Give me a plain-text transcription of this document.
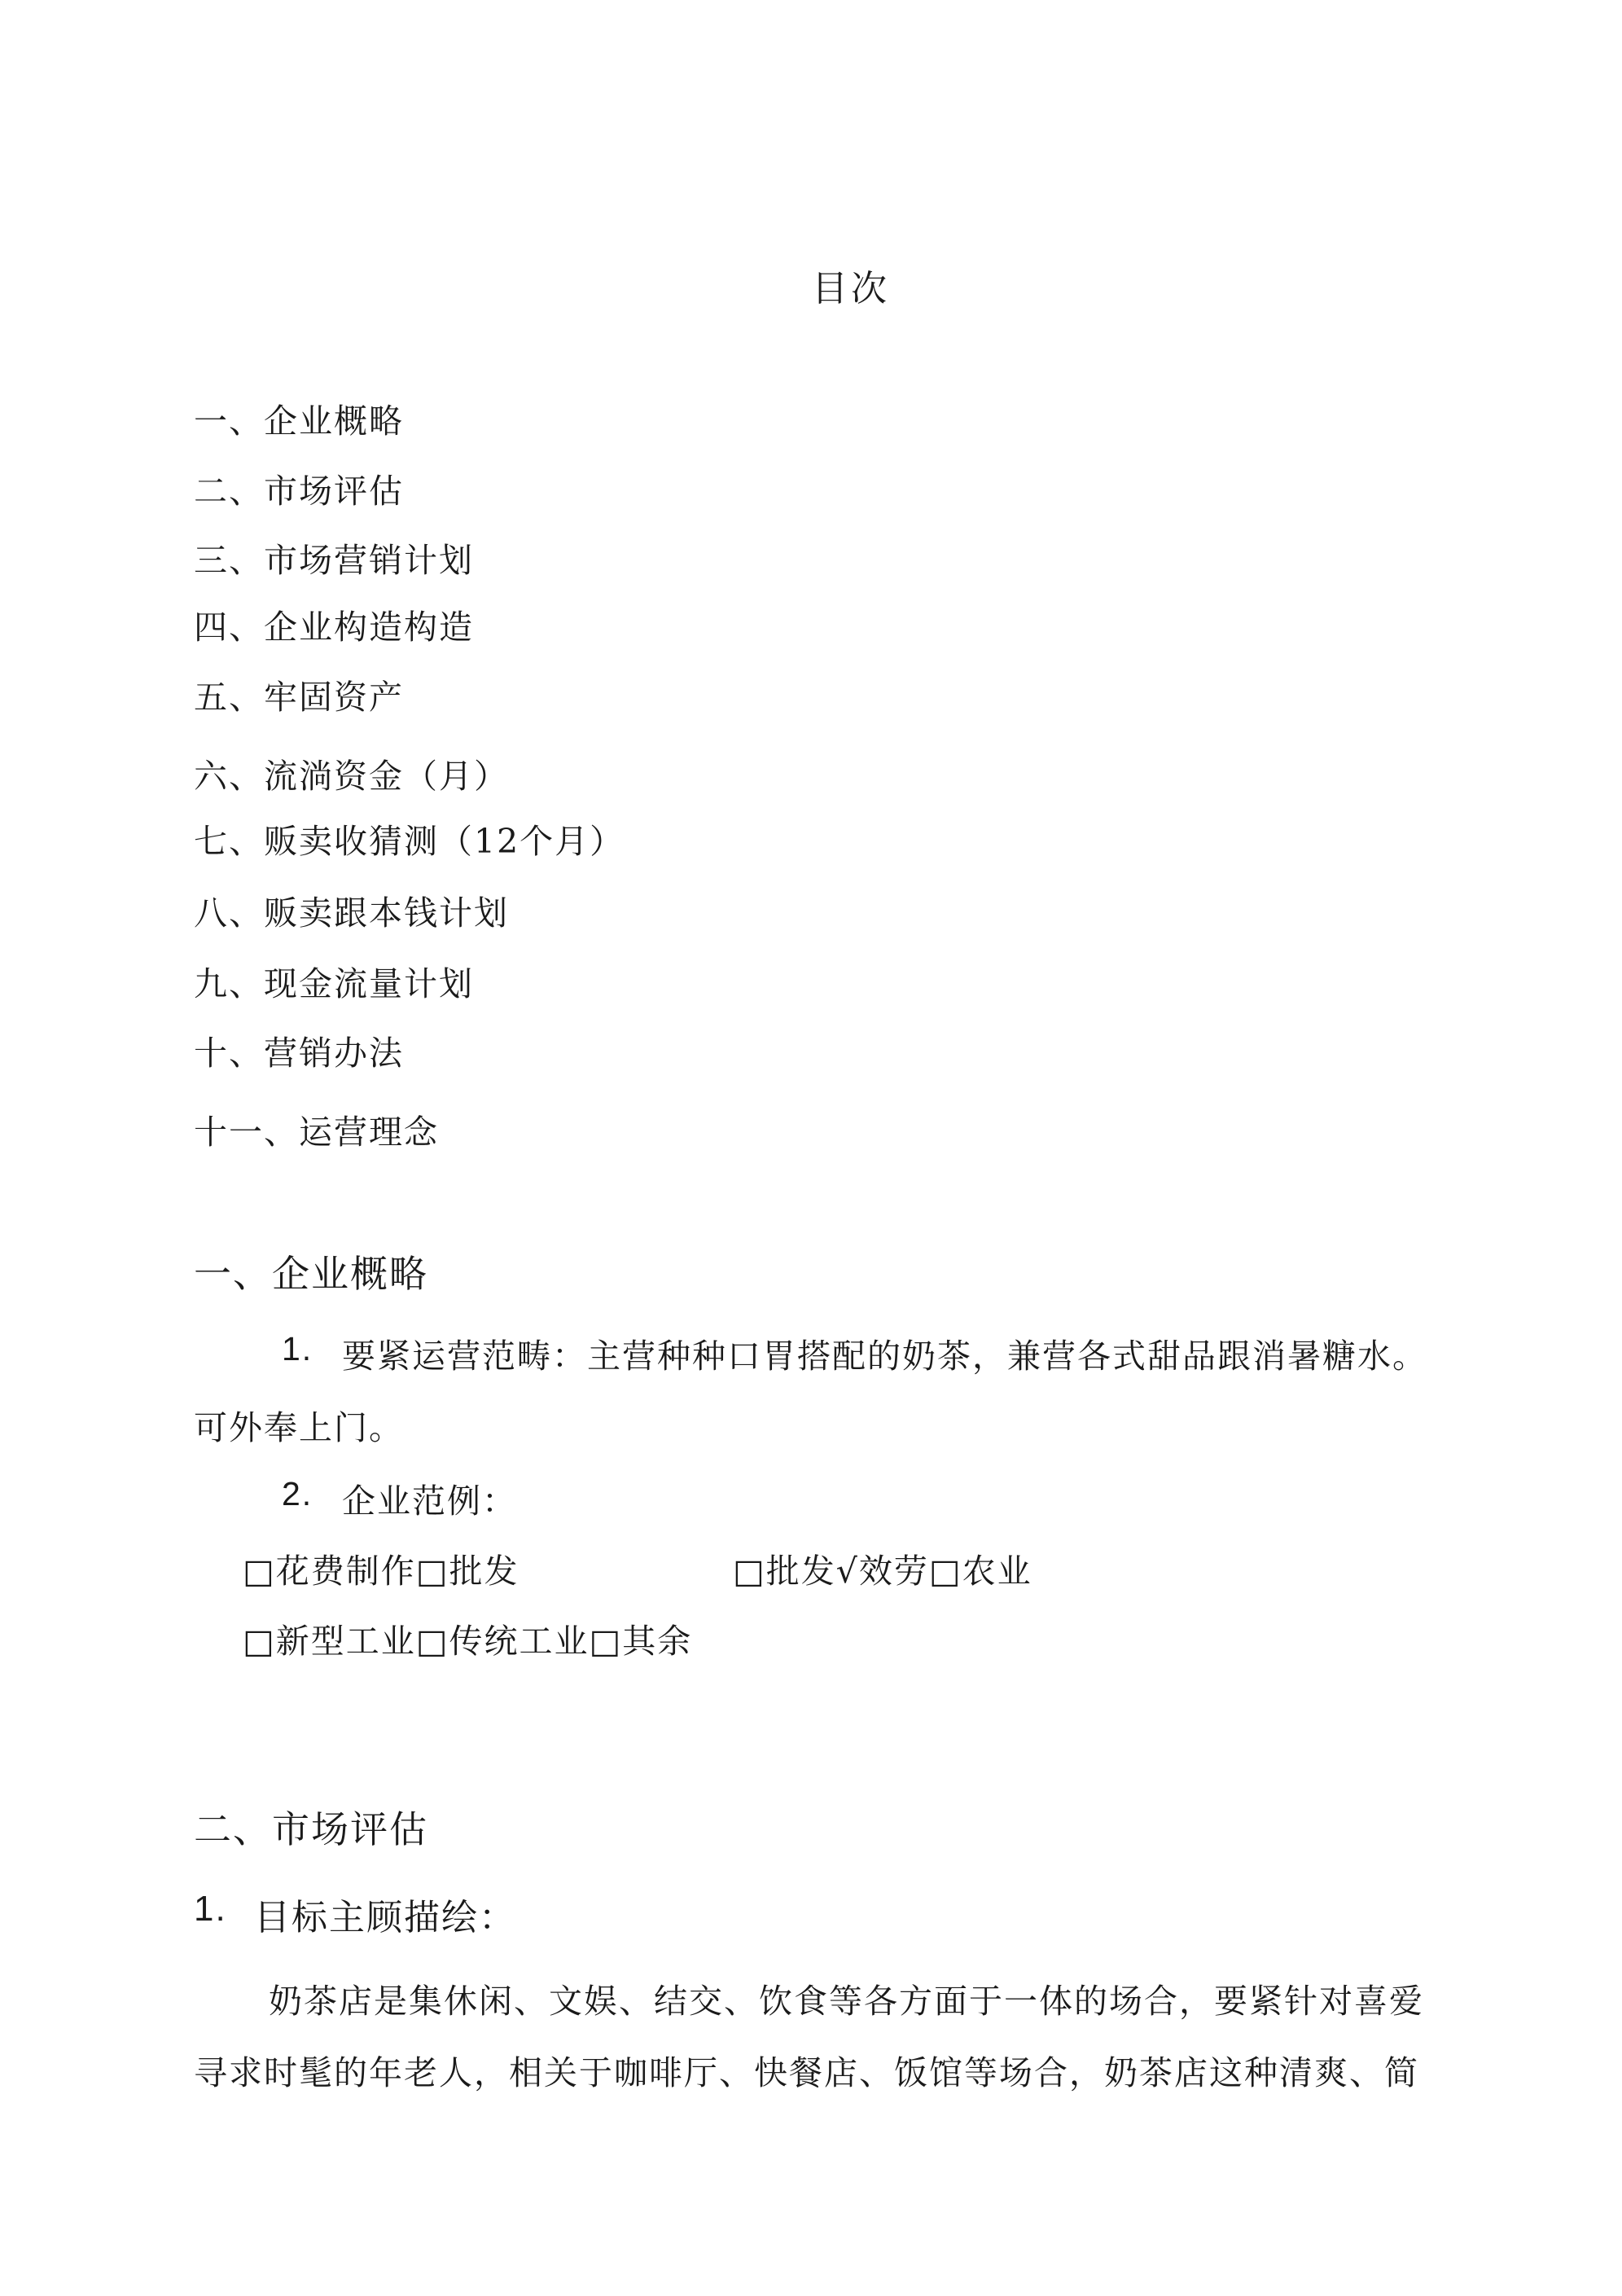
目次
一、企业概略
二、市场评估
三、市场营销计划
四、企业构造构造
五、牢固资产
六、流淌资金（月）
七、贩卖收猜测（12个月）
八、贩卖跟本钱计划
九、现金流量计划
十、营销办法
十一、运营理念
一、企业概略
1. 要紧运营范畴：主营种种口胃搭配的奶茶，兼营各式甜品跟消暑糖水。
可外奉上门。
2. 企业范例：
□花费制作□批发	□批发√效劳□农业
□新型工业□传统工业□其余
二、市场评估
1. 目标主顾描绘：
奶茶店是集休闲、文娱、结交、饮食等各方面于一体的场合，要紧针对喜爱
寻求时髦的年老人，相关于咖啡厅、快餐店、饭馆等场合，奶茶店这种清爽、简
